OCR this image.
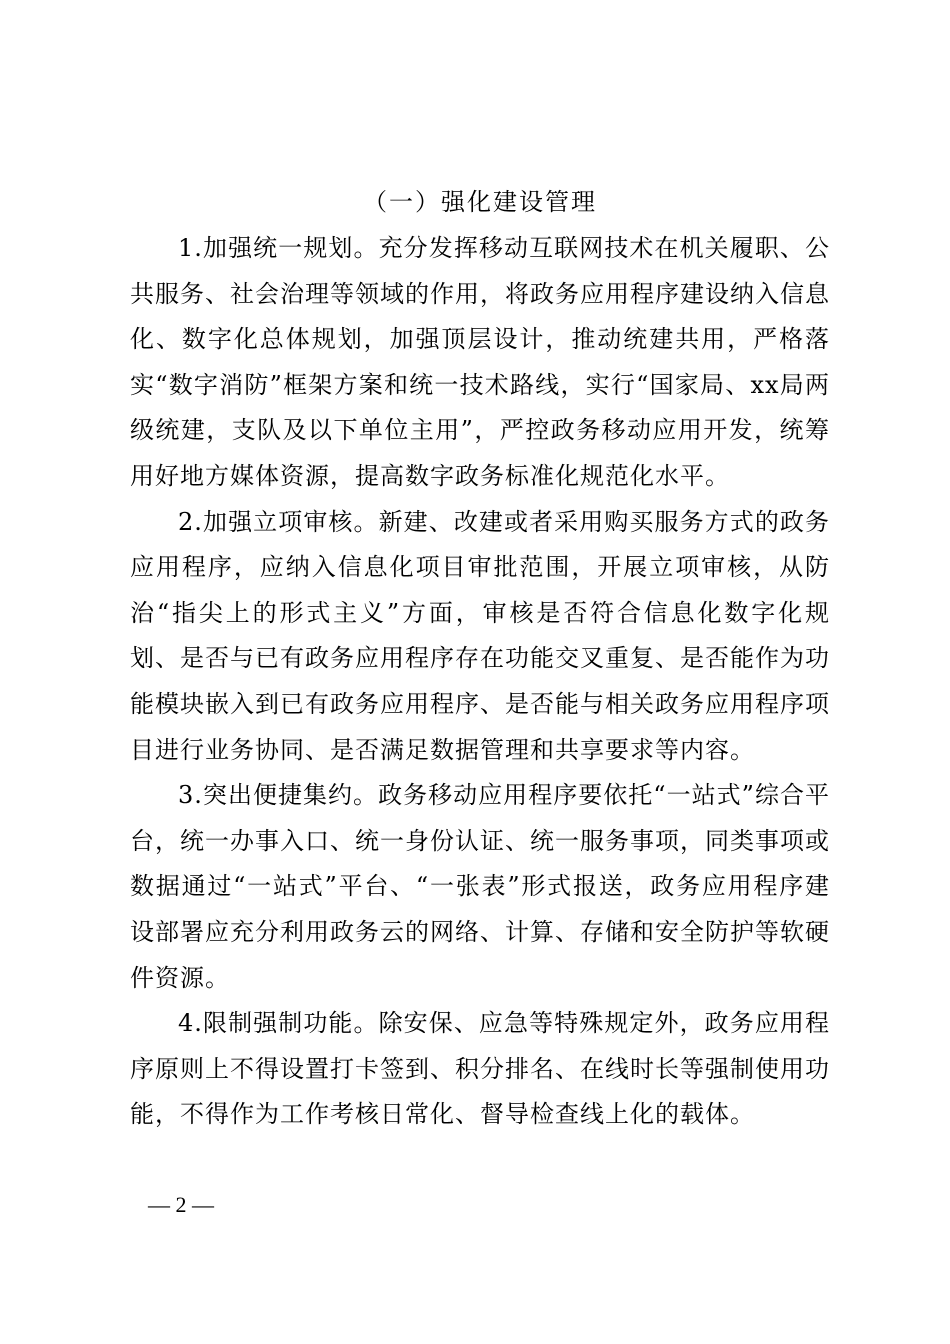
（一）强化建设管理

1.加强统一规划。充分发挥移动互联网技术在机关履职、公共服务、社会治理等领域的作用，将政务应用程序建设纳入信息化、数字化总体规划，加强顶层设计，推动统建共用，严格落实“数字消防”框架方案和统一技术路线，实行“国家局、xx局两级统建，支队及以下单位主用”，严控政务移动应用开发，统筹用好地方媒体资源，提高数字政务标准化规范化水平。

2.加强立项审核。新建、改建或者采用购买服务方式的政务应用程序，应纳入信息化项目审批范围，开展立项审核，从防治“指尖上的形式主义”方面，审核是否符合信息化数字化规划、是否与已有政务应用程序存在功能交叉重复、是否能作为功能模块嵌入到已有政务应用程序、是否能与相关政务应用程序项目进行业务协同、是否满足数据管理和共享要求等内容。

3.突出便捷集约。政务移动应用程序要依托“一站式”综合平台，统一办事入口、统一身份认证、统一服务事项，同类事项或数据通过“一站式”平台、“一张表”形式报送，政务应用程序建设部署应充分利用政务云的网络、计算、存储和安全防护等软硬件资源。

4.限制强制功能。除安保、应急等特殊规定外，政务应用程序原则上不得设置打卡签到、积分排名、在线时长等强制使用功能，不得作为工作考核日常化、督导检查线上化的载体。

— 2 —
